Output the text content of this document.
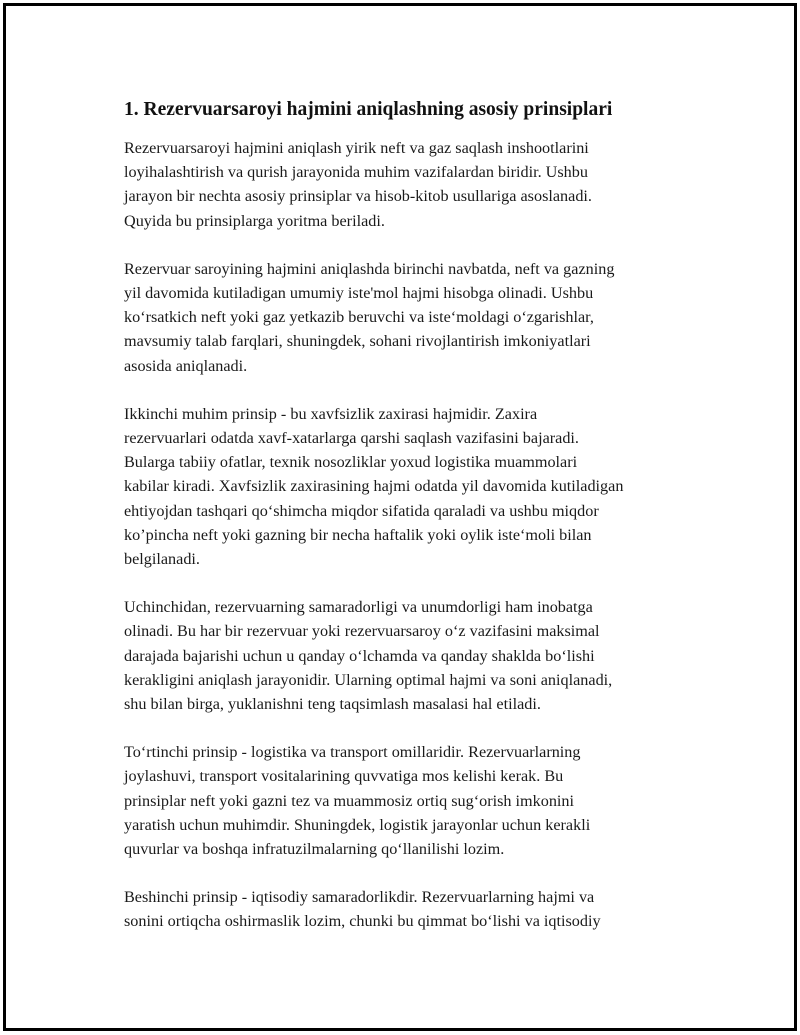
1. Rezervuarsaroyi hajmini aniqlashning asosiy prinsiplari
Rezervuarsaroyi hajmini aniqlash yirik neft va gaz saqlash inshootlarini
loyihalashtirish va qurish jarayonida muhim vazifalardan biridir. Ushbu
jarayon bir nechta asosiy prinsiplar va hisob-kitob usullariga asoslanadi.
Quyida bu prinsiplarga yoritma beriladi.
Rezervuar saroyining hajmini aniqlashda birinchi navbatda, neft va gazning
yil davomida kutiladigan umumiy iste'mol hajmi hisobga olinadi. Ushbu
ko‘rsatkich neft yoki gaz yetkazib beruvchi va iste‘moldagi o‘zgarishlar,
mavsumiy talab farqlari, shuningdek, sohani rivojlantirish imkoniyatlari
asosida aniqlanadi.
Ikkinchi muhim prinsip - bu xavfsizlik zaxirasi hajmidir. Zaxira
rezervuarlari odatda xavf-xatarlarga qarshi saqlash vazifasini bajaradi.
Bularga tabiiy ofatlar, texnik nosozliklar yoxud logistika muammolari
kabilar kiradi. Xavfsizlik zaxirasining hajmi odatda yil davomida kutiladigan
ehtiyojdan tashqari qo‘shimcha miqdor sifatida qaraladi va ushbu miqdor
ko’pincha neft yoki gazning bir necha haftalik yoki oylik iste‘moli bilan
belgilanadi.
Uchinchidan, rezervuarning samaradorligi va unumdorligi ham inobatga
olinadi. Bu har bir rezervuar yoki rezervuarsaroy o‘z vazifasini maksimal
darajada bajarishi uchun u qanday o‘lchamda va qanday shaklda bo‘lishi
kerakligini aniqlash jarayonidir. Ularning optimal hajmi va soni aniqlanadi,
shu bilan birga, yuklanishni teng taqsimlash masalasi hal etiladi.
To‘rtinchi prinsip - logistika va transport omillaridir. Rezervuarlarning
joylashuvi, transport vositalarining quvvatiga mos kelishi kerak. Bu
prinsiplar neft yoki gazni tez va muammosiz ortiq sug‘orish imkonini
yaratish uchun muhimdir. Shuningdek, logistik jarayonlar uchun kerakli
quvurlar va boshqa infratuzilmalarning qo‘llanilishi lozim.
Beshinchi prinsip - iqtisodiy samaradorlikdir. Rezervuarlarning hajmi va
sonini ortiqcha oshirmaslik lozim, chunki bu qimmat bo‘lishi va iqtisodiy
